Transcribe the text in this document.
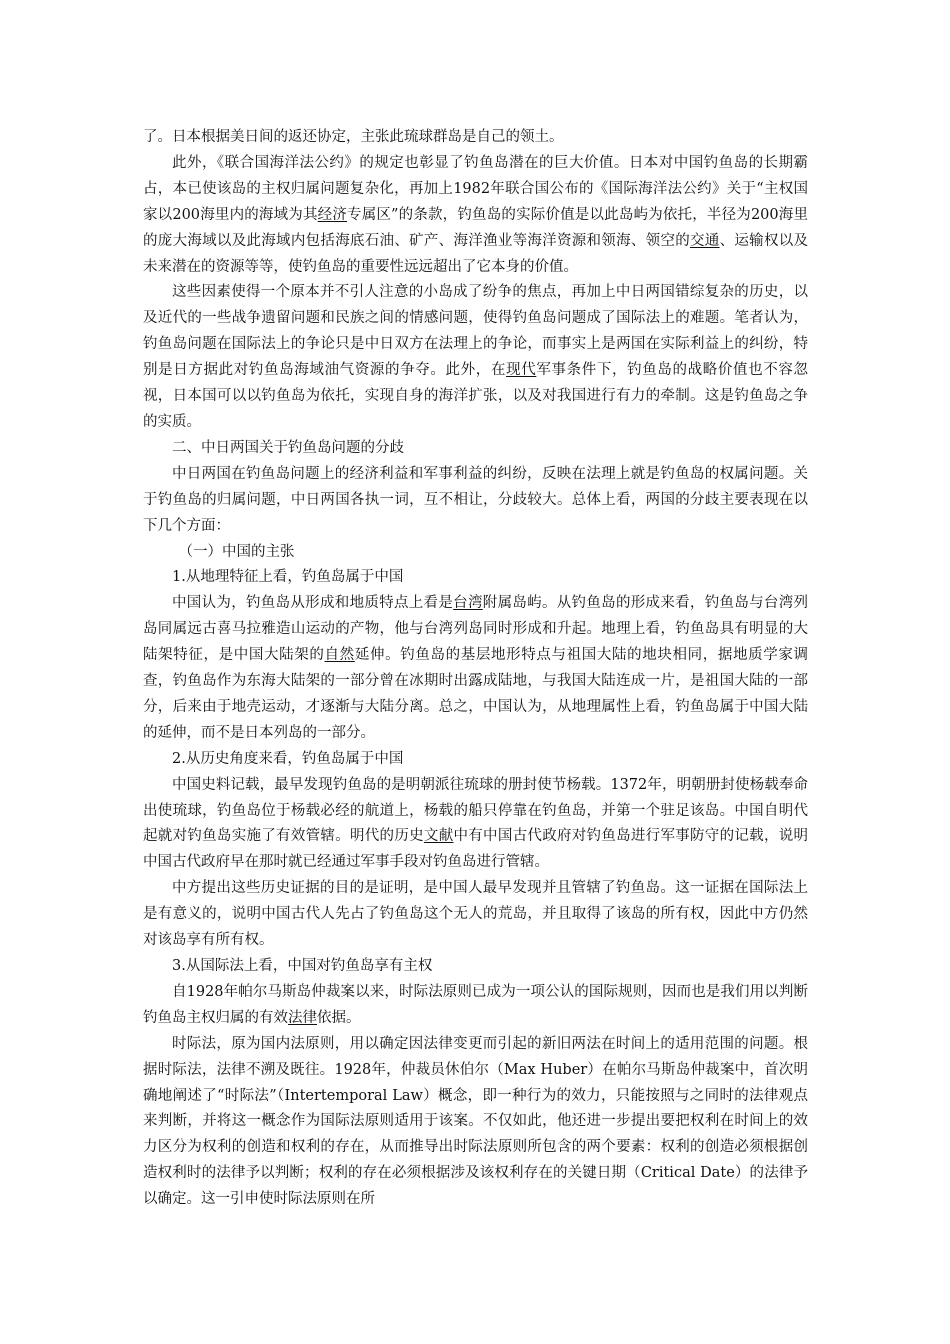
了。日本根据美日间的返还协定，主张此琉球群岛是自己的领土。

此外，《联合国海洋法公约》的规定也彰显了钓鱼岛潜在的巨大价值。日本对中国钓鱼岛的长期霸占，本已使该岛的主权归属问题复杂化，再加上1982年联合国公布的《国际海洋法公约》关于“主权国家以200海里内的海域为其经济专属区”的条款，钓鱼岛的实际价值是以此岛屿为依托，半径为200海里的庞大海域以及此海域内包括海底石油、矿产、海洋渔业等海洋资源和领海、领空的交通、运输权以及未来潜在的资源等等，使钓鱼岛的重要性远远超出了它本身的价值。

这些因素使得一个原本并不引人注意的小岛成了纷争的焦点，再加上中日两国错综复杂的历史，以及近代的一些战争遗留问题和民族之间的情感问题，使得钓鱼岛问题成了国际法上的难题。笔者认为，钓鱼岛问题在国际法上的争论只是中日双方在法理上的争论，而事实上是两国在实际利益上的纠纷，特别是日方据此对钓鱼岛海域油气资源的争夺。此外，在现代军事条件下，钓鱼岛的战略价值也不容忽视，日本国可以以钓鱼岛为依托，实现自身的海洋扩张，以及对我国进行有力的牵制。这是钓鱼岛之争的实质。

二、中日两国关于钓鱼岛问题的分歧

中日两国在钓鱼岛问题上的经济利益和军事利益的纠纷，反映在法理上就是钓鱼岛的权属问题。关于钓鱼岛的归属问题，中日两国各执一词，互不相让，分歧较大。总体上看，两国的分歧主要表现在以下几个方面：

（一）中国的主张

1.从地理特征上看，钓鱼岛属于中国

中国认为，钓鱼岛从形成和地质特点上看是台湾附属岛屿。从钓鱼岛的形成来看，钓鱼岛与台湾列岛同属远古喜马拉雅造山运动的产物，他与台湾列岛同时形成和升起。地理上看，钓鱼岛具有明显的大陆架特征，是中国大陆架的自然延伸。钓鱼岛的基层地形特点与祖国大陆的地块相同，据地质学家调查，钓鱼岛作为东海大陆架的一部分曾在冰期时出露成陆地，与我国大陆连成一片，是祖国大陆的一部分，后来由于地壳运动，才逐渐与大陆分离。总之，中国认为，从地理属性上看，钓鱼岛属于中国大陆的延伸，而不是日本列岛的一部分。

2.从历史角度来看，钓鱼岛属于中国

中国史料记载，最早发现钓鱼岛的是明朝派往琉球的册封使节杨载。1372年，明朝册封使杨载奉命出使琉球，钓鱼岛位于杨载必经的航道上，杨载的船只停靠在钓鱼岛，并第一个驻足该岛。中国自明代起就对钓鱼岛实施了有效管辖。明代的历史文献中有中国古代政府对钓鱼岛进行军事防守的记载，说明中国古代政府早在那时就已经通过军事手段对钓鱼岛进行管辖。

中方提出这些历史证据的目的是证明，是中国人最早发现并且管辖了钓鱼岛。这一证据在国际法上是有意义的，说明中国古代人先占了钓鱼岛这个无人的荒岛，并且取得了该岛的所有权，因此中方仍然对该岛享有所有权。

3.从国际法上看，中国对钓鱼岛享有主权

自1928年帕尔马斯岛仲裁案以来，时际法原则已成为一项公认的国际规则，因而也是我们用以判断钓鱼岛主权归属的有效法律依据。

时际法，原为国内法原则，用以确定因法律变更而引起的新旧两法在时间上的适用范围的问题。根据时际法，法律不溯及既往。1928年，仲裁员休伯尔（Max Huber）在帕尔马斯岛仲裁案中，首次明确地阐述了“时际法”（Intertemporal Law）概念，即一种行为的效力，只能按照与之同时的法律观点来判断，并将这一概念作为国际法原则适用于该案。不仅如此，他还进一步提出要把权利在时间上的效力区分为权利的创造和权利的存在，从而推导出时际法原则所包含的两个要素：权利的创造必须根据创造权利时的法律予以判断；权利的存在必须根据涉及该权利存在的关键日期（Critical Date）的法律予以确定。这一引申使时际法原则在所
